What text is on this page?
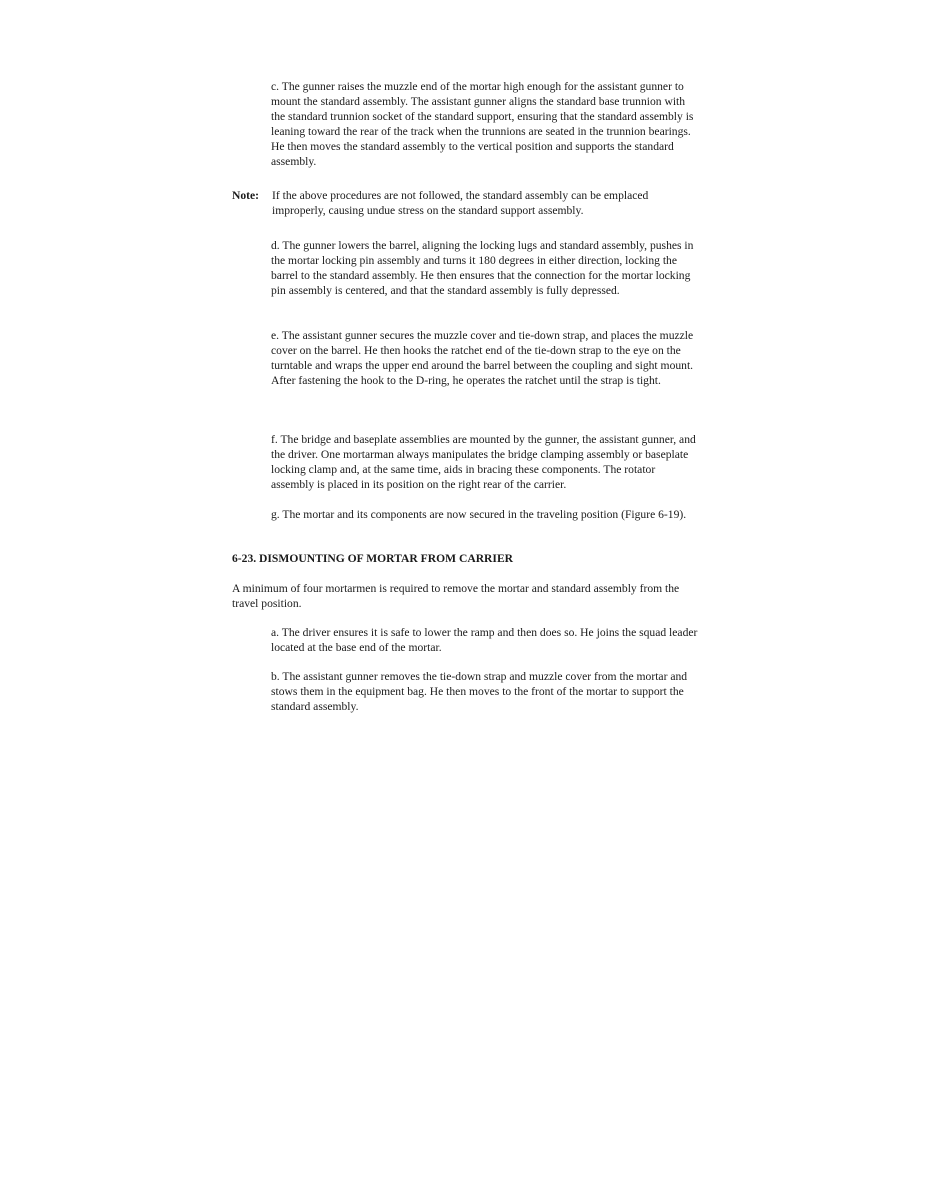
c. The gunner raises the muzzle end of the mortar high enough for the assistant gunner to mount the standard assembly. The assistant gunner aligns the standard base trunnion with the standard trunnion socket of the standard support, ensuring that the standard assembly is leaning toward the rear of the track when the trunnions are seated in the trunnion bearings. He then moves the standard assembly to the vertical position and supports the standard assembly.

Note: If the above procedures are not followed, the standard assembly can be emplaced improperly, causing undue stress on the standard support assembly.

d. The gunner lowers the barrel, aligning the locking lugs and standard assembly, pushes in the mortar locking pin assembly and turns it 180 degrees in either direction, locking the barrel to the standard assembly. He then ensures that the connection for the mortar locking pin assembly is centered, and that the standard assembly is fully depressed.

e. The assistant gunner secures the muzzle cover and tie-down strap, and places the muzzle cover on the barrel. He then hooks the ratchet end of the tie-down strap to the eye on the turntable and wraps the upper end around the barrel between the coupling and sight mount. After fastening the hook to the D-ring, he operates the ratchet until the strap is tight.

f. The bridge and baseplate assemblies are mounted by the gunner, the assistant gunner, and the driver. One mortarman always manipulates the bridge clamping assembly or baseplate locking clamp and, at the same time, aids in bracing these components. The rotator assembly is placed in its position on the right rear of the carrier.

g. The mortar and its components are now secured in the traveling position (Figure 6-19).

6-23. DISMOUNTING OF MORTAR FROM CARRIER

A minimum of four mortarmen is required to remove the mortar and standard assembly from the travel position.

a. The driver ensures it is safe to lower the ramp and then does so. He joins the squad leader located at the base end of the mortar.

b. The assistant gunner removes the tie-down strap and muzzle cover from the mortar and stows them in the equipment bag. He then moves to the front of the mortar to support the standard assembly.
